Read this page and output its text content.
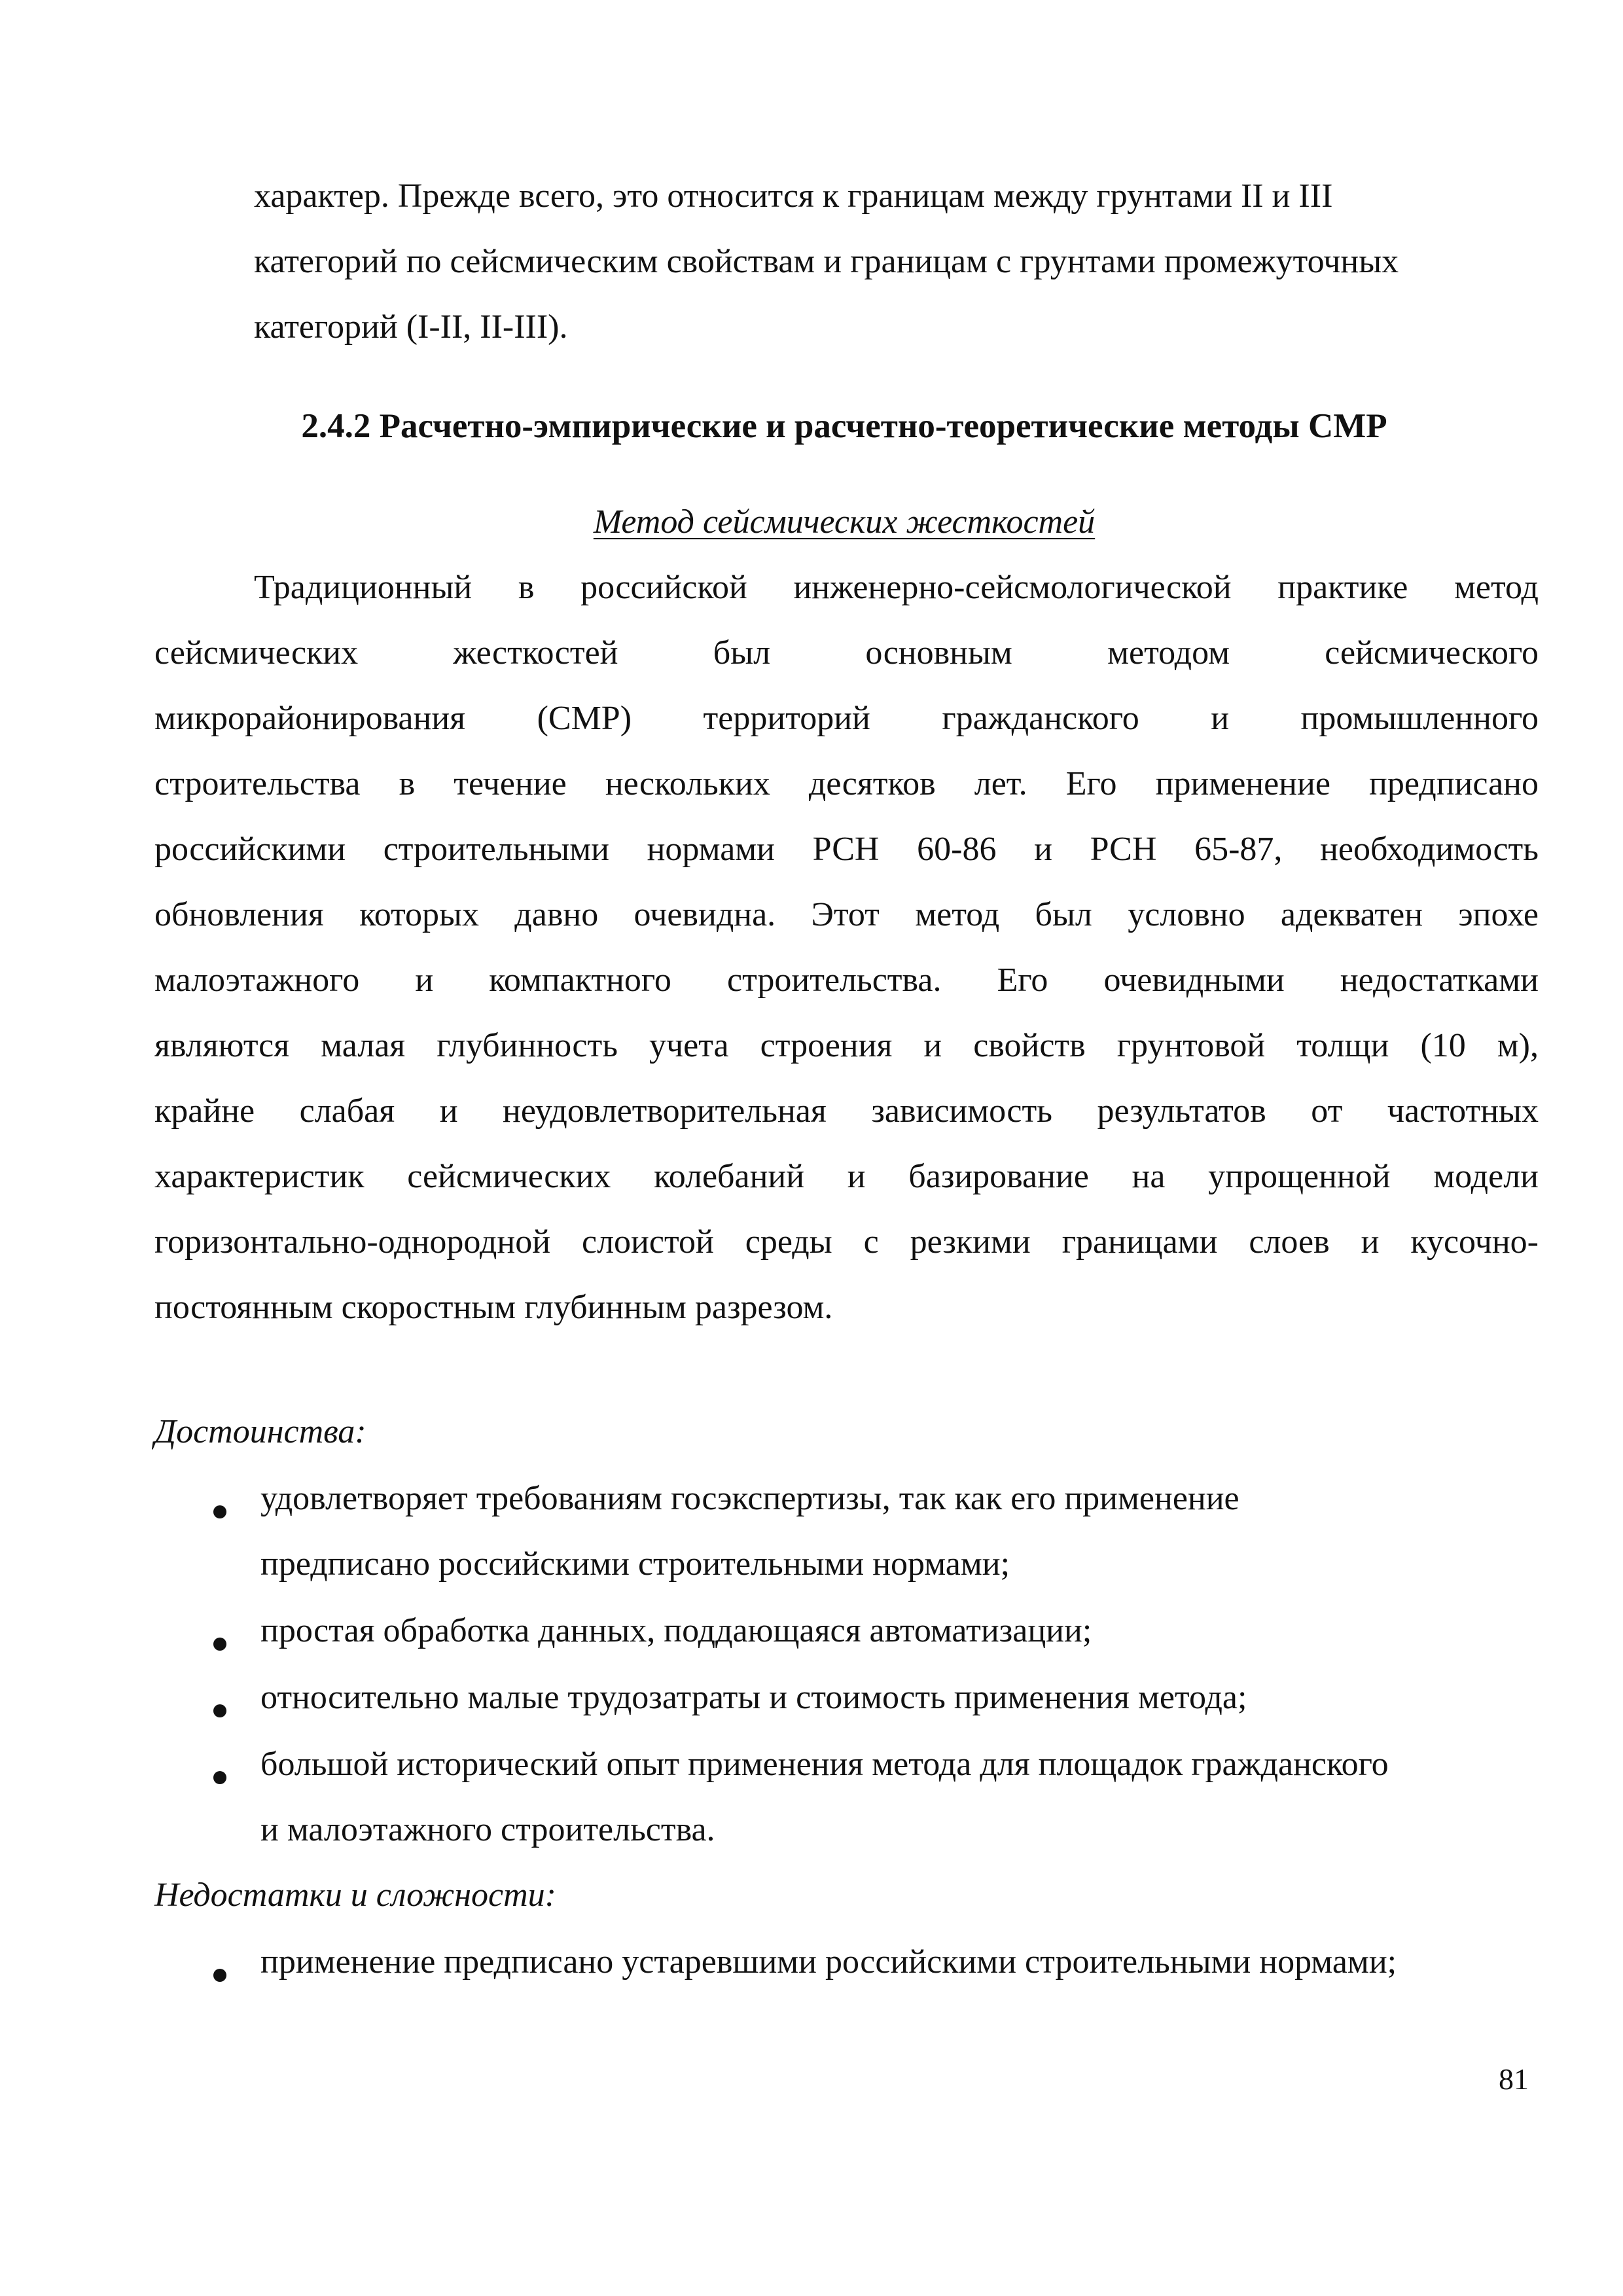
характер. Прежде всего, это относится к границам между грунтами II и III
категорий по сейсмическим свойствам и границам с грунтами промежуточных
категорий (I-II, II-III).
2.4.2 Расчетно-эмпирические и расчетно-теоретические методы СМР
Метод сейсмических жесткостей
Традиционный в российской инженерно-сейсмологической практике метод
сейсмических жесткостей был основным методом сейсмического
микрорайонирования (СМР) территорий гражданского и промышленного
строительства в течение нескольких десятков лет. Его применение предписано
российскими строительными нормами РСН 60-86 и РСН 65-87, необходимость
обновления которых давно очевидна. Этот метод был условно адекватен эпохе
малоэтажного и компактного строительства. Его очевидными недостатками
являются малая глубинность учета строения и свойств грунтовой толщи (10 м),
крайне слабая и неудовлетворительная зависимость результатов от частотных
характеристик сейсмических колебаний и базирование на упрощенной модели
горизонтально-однородной слоистой среды с резкими границами слоев и кусочно-
постоянным скоростным глубинным разрезом.
Достоинства:
удовлетворяет требованиям госэкспертизы, так как его применение
предписано российскими строительными нормами;
простая обработка данных, поддающаяся автоматизации;
относительно малые трудозатраты и стоимость применения метода;
большой исторический опыт применения метода для площадок гражданского
и малоэтажного строительства.
Недостатки и сложности:
применение предписано устаревшими российскими строительными нормами;
81
